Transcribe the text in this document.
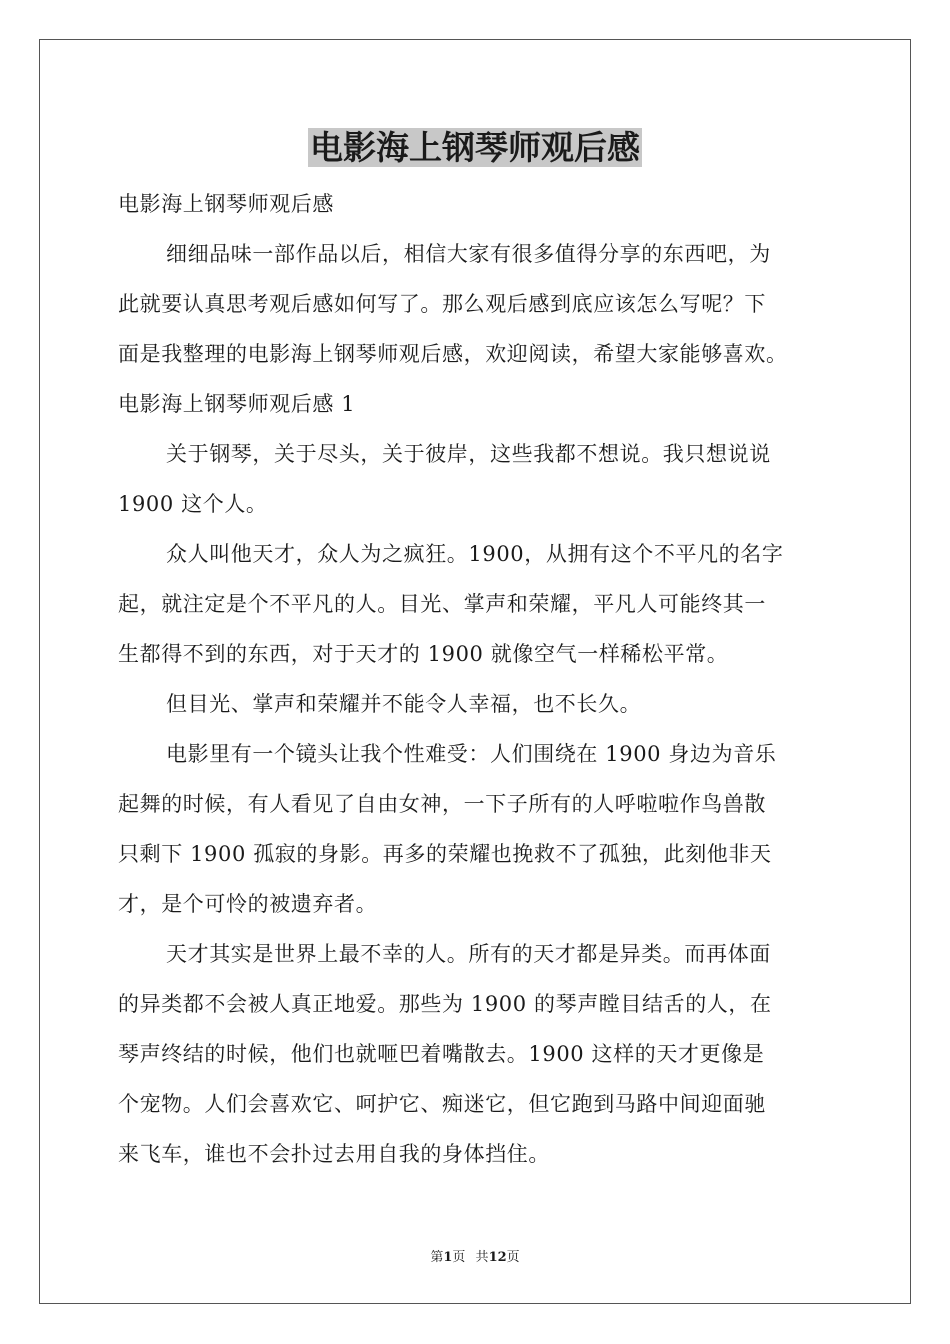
电影海上钢琴师观后感

电影海上钢琴师观后感

细细品味一部作品以后，相信大家有很多值得分享的东西吧，为

此就要认真思考观后感如何写了。那么观后感到底应该怎么写呢？下

面是我整理的电影海上钢琴师观后感，欢迎阅读，希望大家能够喜欢。

电影海上钢琴师观后感 1

关于钢琴，关于尽头，关于彼岸，这些我都不想说。我只想说说

1900 这个人。

众人叫他天才，众人为之疯狂。1900，从拥有这个不平凡的名字

起，就注定是个不平凡的人。目光、掌声和荣耀，平凡人可能终其一

生都得不到的东西，对于天才的 1900 就像空气一样稀松平常。

但目光、掌声和荣耀并不能令人幸福，也不长久。

电影里有一个镜头让我个性难受：人们围绕在 1900 身边为音乐

起舞的时候，有人看见了自由女神，一下子所有的人呼啦啦作鸟兽散

只剩下 1900 孤寂的身影。再多的荣耀也挽救不了孤独，此刻他非天

才，是个可怜的被遗弃者。

天才其实是世界上最不幸的人。所有的天才都是异类。而再体面

的异类都不会被人真正地爱。那些为 1900 的琴声瞠目结舌的人，在

琴声终结的时候，他们也就咂巴着嘴散去。1900 这样的天才更像是

个宠物。人们会喜欢它、呵护它、痴迷它，但它跑到马路中间迎面驰

来飞车，谁也不会扑过去用自我的身体挡住。

第1页 共12页
